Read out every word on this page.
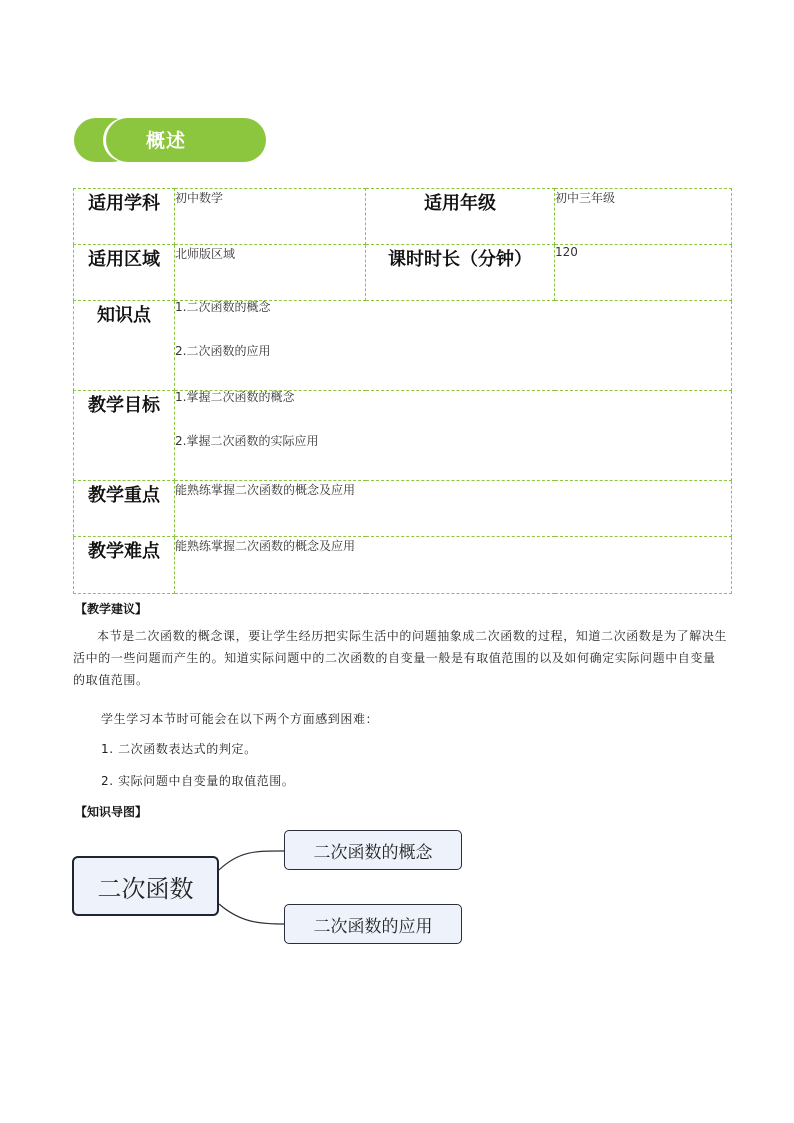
概述
适用学科	初中数学	适用年级	初中三年级
适用区域	北师版区域	课时时长（分钟）	120
知识点	1.二次函数的概念
2.二次函数的应用		

教学目标	1.掌握二次函数的概念
2.掌握二次函数的实际应用		

教学重点	能熟练掌握二次函数的概念及应用		
教学难点	能熟练掌握二次函数的概念及应用		
【教学建议】
本节是二次函数的概念课，要让学生经历把实际生活中的问题抽象成二次函数的过程，知道二次函数是为了解决生活中的一些问题而产生的。知道实际问题中的二次函数的自变量一般是有取值范围的以及如何确定实际问题中自变量的取值范围。
学生学习本节时可能会在以下两个方面感到困难：
1. 二次函数表达式的判定。
2. 实际问题中自变量的取值范围。
【知识导图】
二次函数
二次函数的概念
二次函数的应用
